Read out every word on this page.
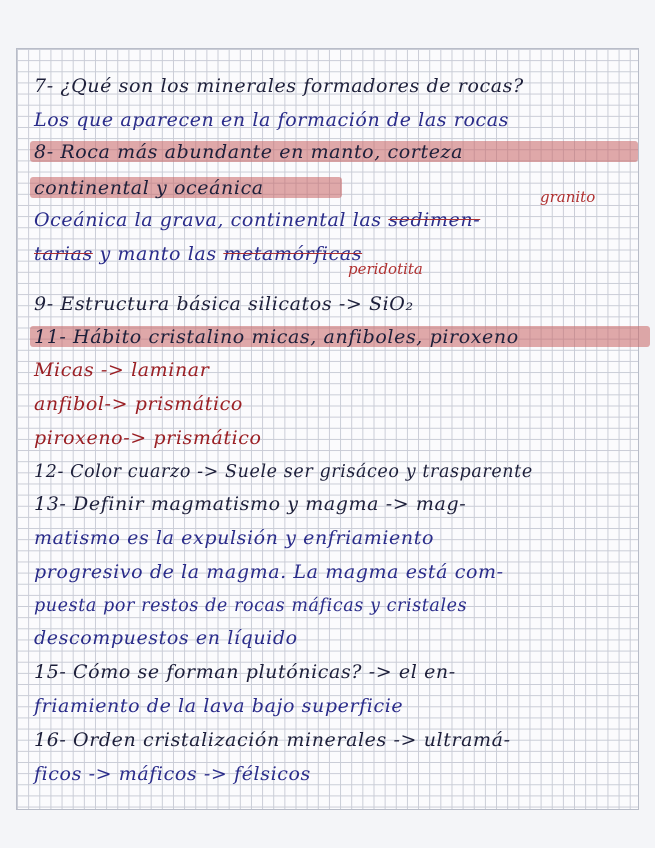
7- ¿Qué son los minerales formadores de rocas?
Los que aparecen en la formación de las rocas
8- Roca más abundante en manto, corteza
continental y oceánica
Oceánica la grava, continental las sedimen-
granito
tarias y manto las metamórficas
peridotita
9- Estructura básica silicatos -> SiO₂
11- Hábito cristalino micas, anfiboles, piroxeno
Micas -> laminar
anfibol-> prismático
piroxeno-> prismático
12- Color cuarzo -> Suele ser grisáceo y trasparente
13- Definir magmatismo y magma -> mag-
matismo es la expulsión y enfriamiento
progresivo de la magma. La magma está com-
puesta por restos de rocas máficas y cristales
descompuestos en líquido
15- Cómo se forman plutónicas? -> el en-
friamiento de la lava bajo superficie
16- Orden cristalización minerales -> ultramá-
ficos -> máficos -> félsicos
